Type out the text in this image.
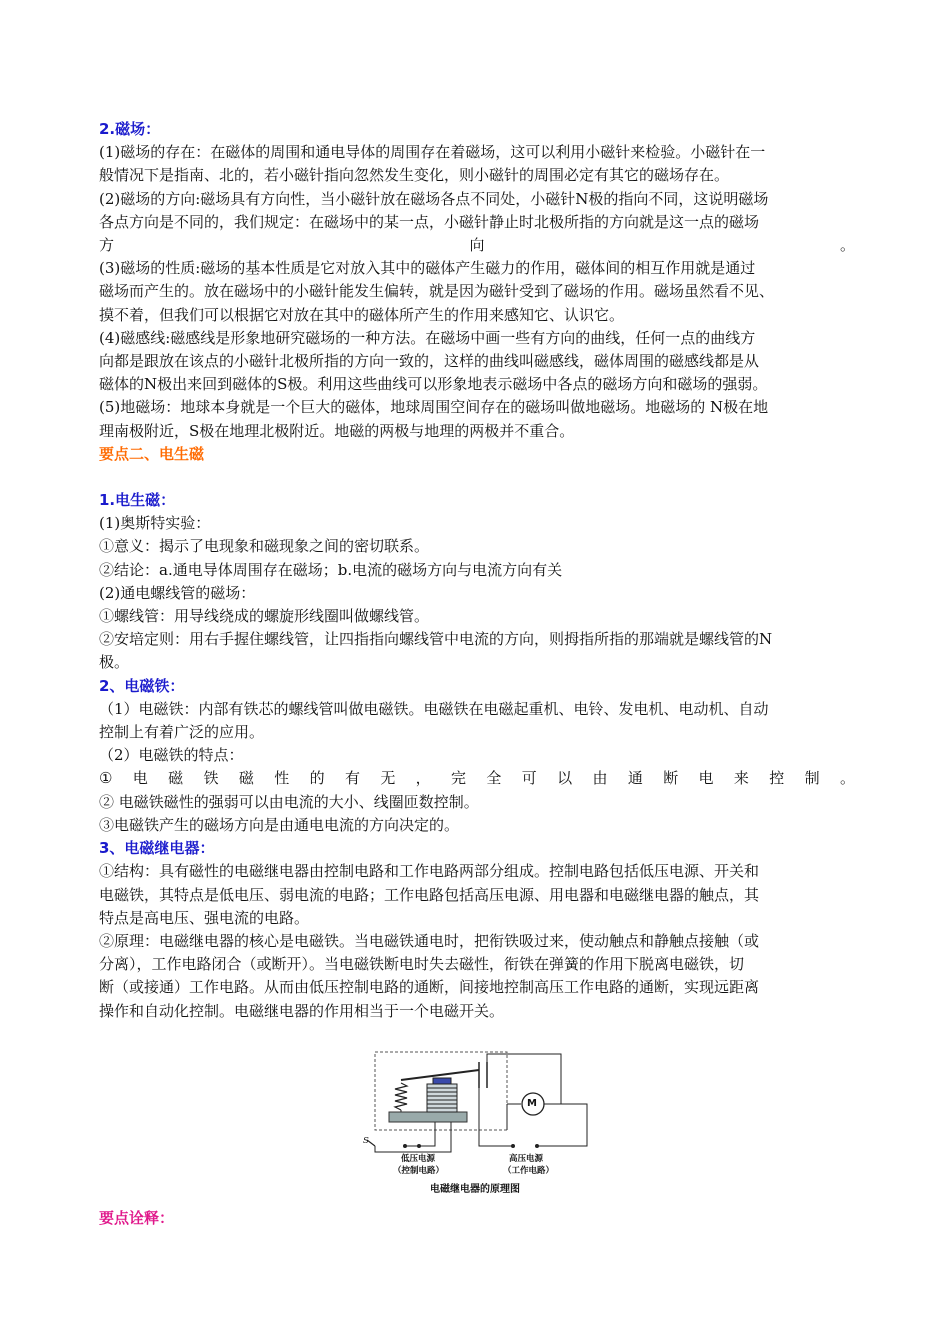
2.磁场：
(1)磁场的存在：在磁体的周围和通电导体的周围存在着磁场，这可以利用小磁针来检验。小磁针在一
般情况下是指南、北的，若小磁针指向忽然发生变化，则小磁针的周围必定有其它的磁场存在。
(2)磁场的方向:磁场具有方向性，当小磁针放在磁场各点不同处，小磁针N极的指向不同，这说明磁场
各点方向是不同的，我们规定：在磁场中的某一点，小磁针静止时北极所指的方向就是这一点的磁场
方	向	。
(3)磁场的性质:磁场的基本性质是它对放入其中的磁体产生磁力的作用，磁体间的相互作用就是通过
磁场而产生的。放在磁场中的小磁针能发生偏转，就是因为磁针受到了磁场的作用。磁场虽然看不见、
摸不着，但我们可以根据它对放在其中的磁体所产生的作用来感知它、认识它。
(4)磁感线:磁感线是形象地研究磁场的一种方法。在磁场中画一些有方向的曲线，任何一点的曲线方
向都是跟放在该点的小磁针北极所指的方向一致的，这样的曲线叫磁感线，磁体周围的磁感线都是从
磁体的N极出来回到磁体的S极。利用这些曲线可以形象地表示磁场中各点的磁场方向和磁场的强弱。
(5)地磁场：地球本身就是一个巨大的磁体，地球周围空间存在的磁场叫做地磁场。地磁场的 N极在地
理南极附近，S极在地理北极附近。地磁的两极与地理的两极并不重合。
要点二、电生磁
1.电生磁：
(1)奥斯特实验：
①意义：揭示了电现象和磁现象之间的密切联系。
②结论：a.通电导体周围存在磁场；b.电流的磁场方向与电流方向有关
(2)通电螺线管的磁场：
①螺线管：用导线绕成的螺旋形线圈叫做螺线管。
②安培定则：用右手握住螺线管，让四指指向螺线管中电流的方向，则拇指所指的那端就是螺线管的N
极。
2、电磁铁：
（1）电磁铁：内部有铁芯的螺线管叫做电磁铁。电磁铁在电磁起重机、电铃、发电机、电动机、自动
控制上有着广泛的应用。
（2）电磁铁的特点：
① 电 磁 铁 磁 性 的 有 无 ， 完 全 可 以 由 通 断 电 来 控 制 。
② 电磁铁磁性的强弱可以由电流的大小、线圈匝数控制。
③电磁铁产生的磁场方向是由通电电流的方向决定的。
3、电磁继电器：
①结构：具有磁性的电磁继电器由控制电路和工作电路两部分组成。控制电路包括低压电源、开关和
电磁铁，其特点是低电压、弱电流的电路；工作电路包括高压电源、用电器和电磁继电器的触点，其
特点是高电压、强电流的电路。
②原理：电磁继电器的核心是电磁铁。当电磁铁通电时，把衔铁吸过来，使动触点和静触点接触（或
分离），工作电路闭合（或断开）。当电磁铁断电时失去磁性，衔铁在弹簧的作用下脱离电磁铁，切
断（或接通）工作电路。从而由低压控制电路的通断，间接地控制高压工作电路的通断，实现远距离
操作和自动化控制。电磁继电器的作用相当于一个电磁开关。
S
M
低压电源
（控制电路）
高压电源
（工作电路）
电磁继电器的原理图
要点诠释：
